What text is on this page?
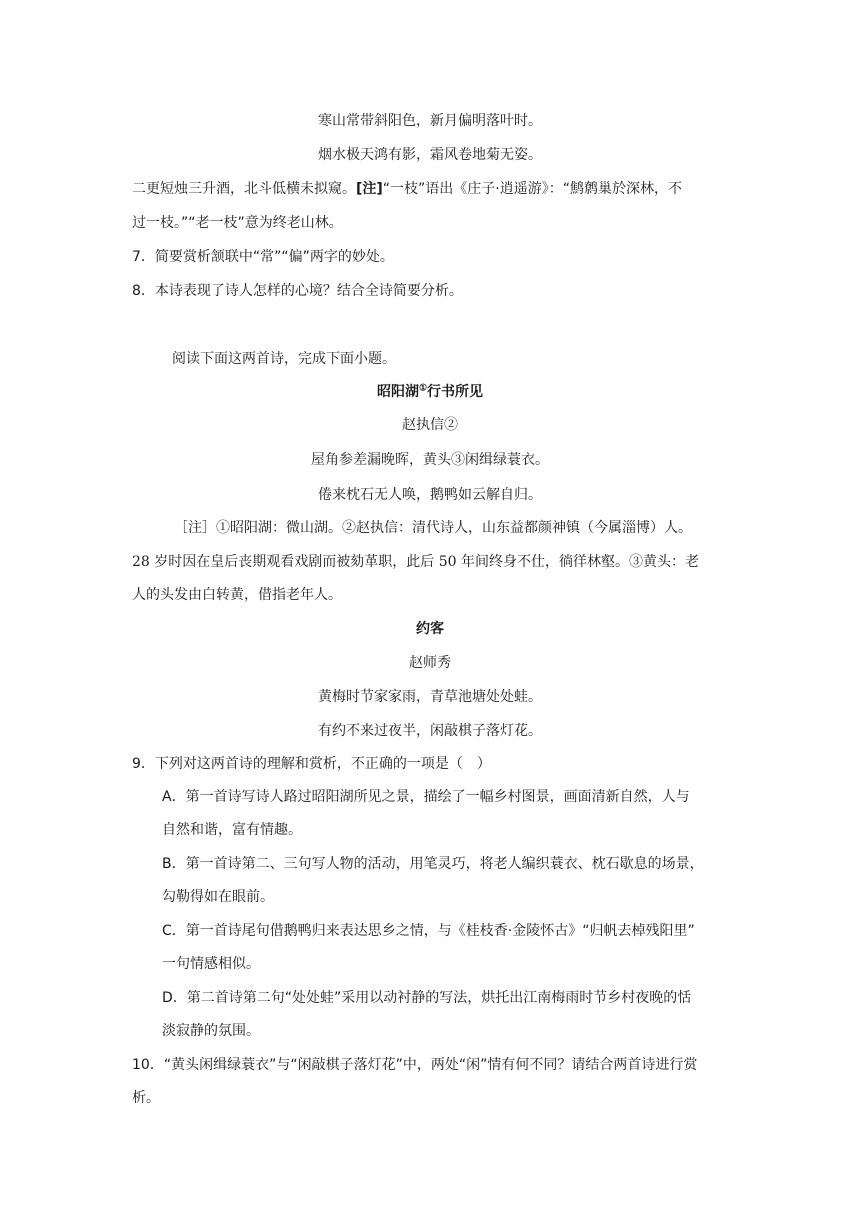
寒山常带斜阳色，新月偏明落叶时。
烟水极天鸿有影，霜风卷地菊无姿。
二更短烛三升酒，北斗低横未拟窥。[注]“一枝”语出《庄子·逍遥游》：“鹪鹩巢於深林，不
过一枝。”“老一枝”意为终老山林。
7．简要赏析颔联中“常”“偏”两字的妙处。
8．本诗表现了诗人怎样的心境？结合全诗简要分析。
阅读下面这两首诗，完成下面小题。
昭阳湖①行书所见
赵执信②
屋角参差漏晚晖，黄头③闲缉绿蓑衣。
倦来枕石无人唤，鹅鸭如云解自归。
［注］①昭阳湖：微山湖。②赵执信：清代诗人，山东益都颜神镇（今属淄博）人。
28 岁时因在皇后丧期观看戏剧而被劾革职，此后 50 年间终身不仕，徜徉林壑。③黄头：老
人的头发由白转黄，借指老年人。
约客
赵师秀
黄梅时节家家雨，青草池塘处处蛙。
有约不来过夜半，闲敲棋子落灯花。
9．下列对这两首诗的理解和赏析，不正确的一项是（　）
A．第一首诗写诗人路过昭阳湖所见之景，描绘了一幅乡村图景，画面清新自然，人与
自然和谐，富有情趣。
B．第一首诗第二、三句写人物的活动，用笔灵巧，将老人编织蓑衣、枕石歇息的场景，
勾勒得如在眼前。
C．第一首诗尾句借鹅鸭归来表达思乡之情，与《桂枝香·金陵怀古》“归帆去棹残阳里”
一句情感相似。
D．第二首诗第二句“处处蛙”采用以动衬静的写法，烘托出江南梅雨时节乡村夜晚的恬
淡寂静的氛围。
10．“黄头闲缉绿蓑衣”与“闲敲棋子落灯花”中，两处“闲”情有何不同？请结合两首诗进行赏
析。
